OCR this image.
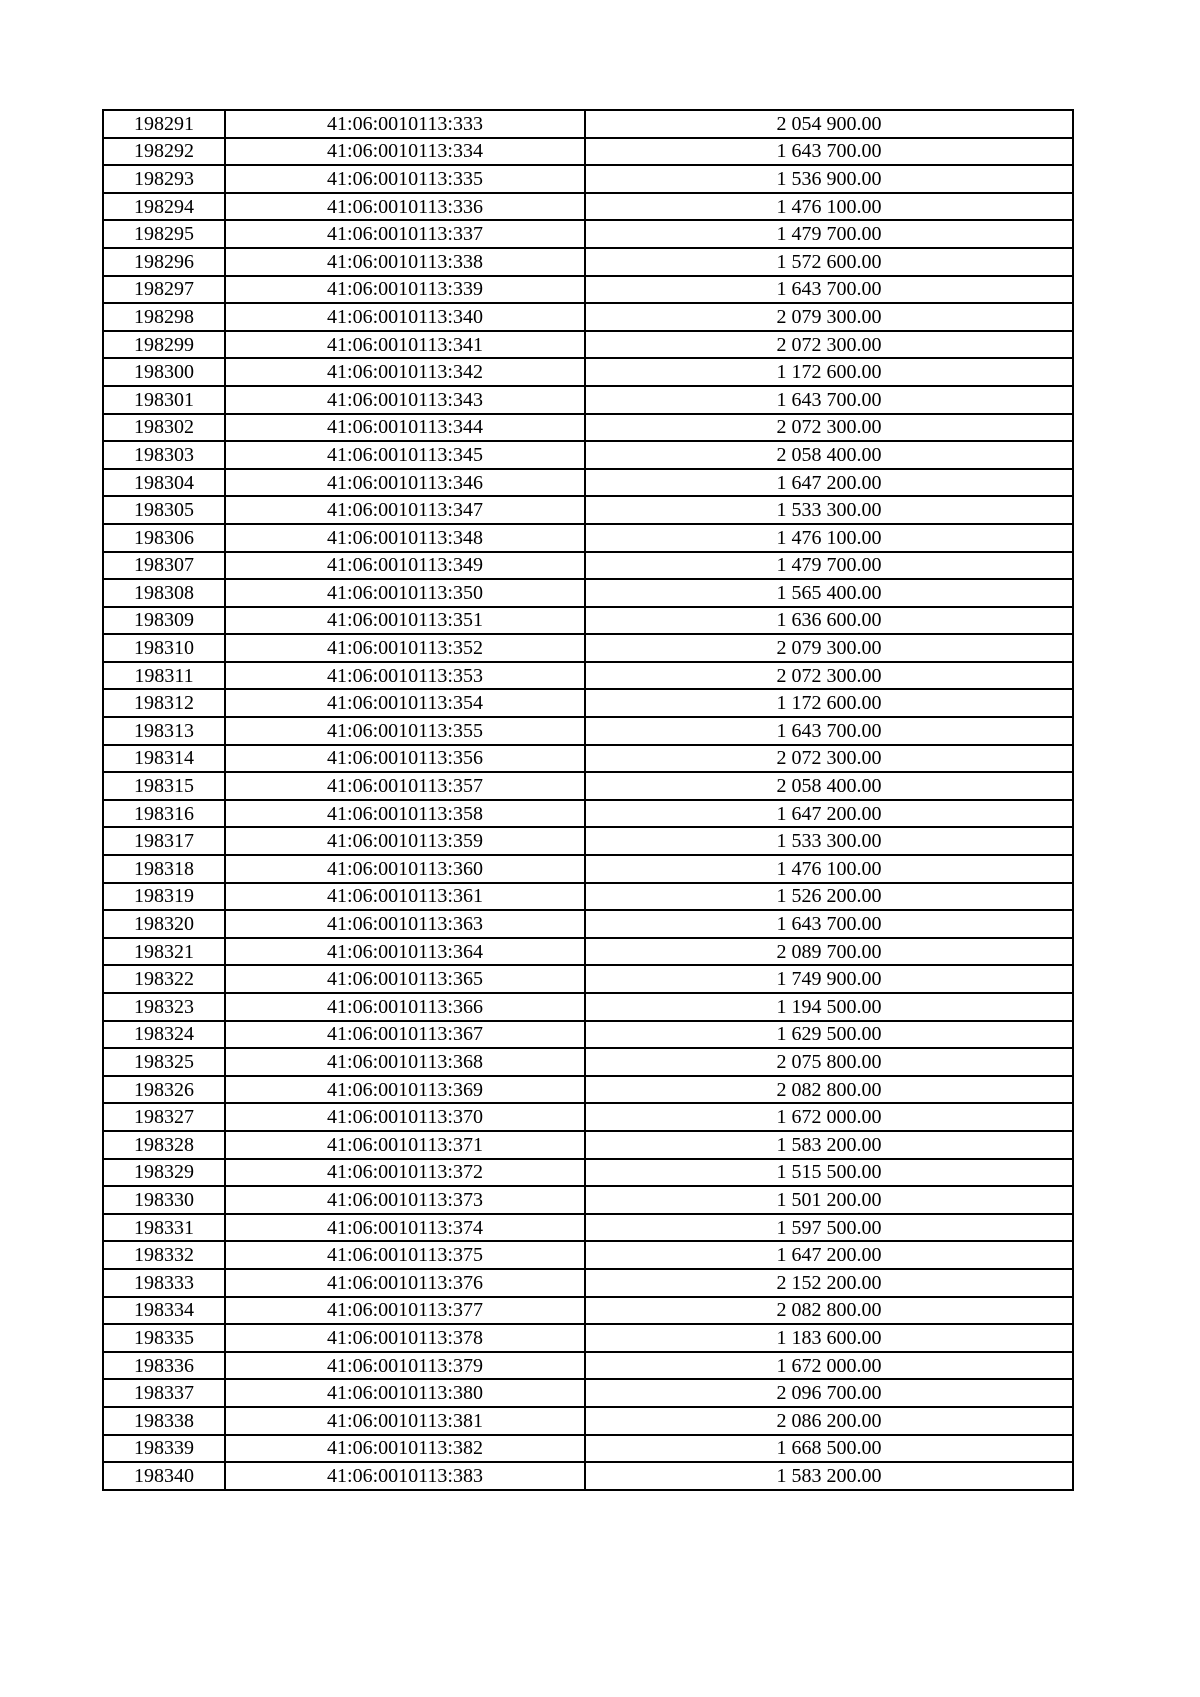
198291	41:06:0010113:333	2 054 900.00
198292	41:06:0010113:334	1 643 700.00
198293	41:06:0010113:335	1 536 900.00
198294	41:06:0010113:336	1 476 100.00
198295	41:06:0010113:337	1 479 700.00
198296	41:06:0010113:338	1 572 600.00
198297	41:06:0010113:339	1 643 700.00
198298	41:06:0010113:340	2 079 300.00
198299	41:06:0010113:341	2 072 300.00
198300	41:06:0010113:342	1 172 600.00
198301	41:06:0010113:343	1 643 700.00
198302	41:06:0010113:344	2 072 300.00
198303	41:06:0010113:345	2 058 400.00
198304	41:06:0010113:346	1 647 200.00
198305	41:06:0010113:347	1 533 300.00
198306	41:06:0010113:348	1 476 100.00
198307	41:06:0010113:349	1 479 700.00
198308	41:06:0010113:350	1 565 400.00
198309	41:06:0010113:351	1 636 600.00
198310	41:06:0010113:352	2 079 300.00
198311	41:06:0010113:353	2 072 300.00
198312	41:06:0010113:354	1 172 600.00
198313	41:06:0010113:355	1 643 700.00
198314	41:06:0010113:356	2 072 300.00
198315	41:06:0010113:357	2 058 400.00
198316	41:06:0010113:358	1 647 200.00
198317	41:06:0010113:359	1 533 300.00
198318	41:06:0010113:360	1 476 100.00
198319	41:06:0010113:361	1 526 200.00
198320	41:06:0010113:363	1 643 700.00
198321	41:06:0010113:364	2 089 700.00
198322	41:06:0010113:365	1 749 900.00
198323	41:06:0010113:366	1 194 500.00
198324	41:06:0010113:367	1 629 500.00
198325	41:06:0010113:368	2 075 800.00
198326	41:06:0010113:369	2 082 800.00
198327	41:06:0010113:370	1 672 000.00
198328	41:06:0010113:371	1 583 200.00
198329	41:06:0010113:372	1 515 500.00
198330	41:06:0010113:373	1 501 200.00
198331	41:06:0010113:374	1 597 500.00
198332	41:06:0010113:375	1 647 200.00
198333	41:06:0010113:376	2 152 200.00
198334	41:06:0010113:377	2 082 800.00
198335	41:06:0010113:378	1 183 600.00
198336	41:06:0010113:379	1 672 000.00
198337	41:06:0010113:380	2 096 700.00
198338	41:06:0010113:381	2 086 200.00
198339	41:06:0010113:382	1 668 500.00
198340	41:06:0010113:383	1 583 200.00
